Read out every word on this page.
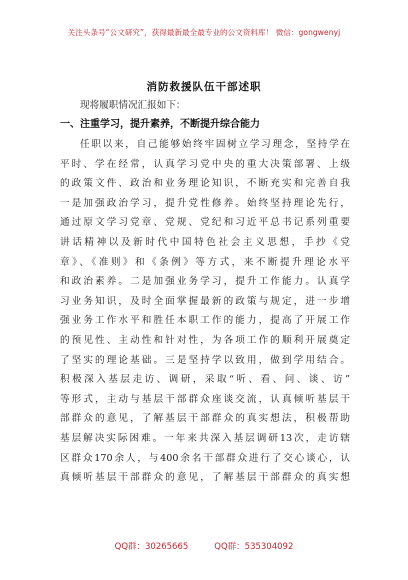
关注头条号“公文研究”，获得最新最全最专业的公文资料库！ 微信：gongwenyj
消防救援队伍干部述职
现将履职情况汇报如下：
一、注重学习，提升素养，不断提升综合能力
任职以来，自己能够始终牢固树立学习理念，坚持学在
平时、学在经常，认真学习党中央的重大决策部署、上级
的政策文件、政治和业务理论知识，不断充实和完善自我
一是加强政治学习，提升党性修养。始终坚持理论先行，
通过原文学习党章、党规、党纪和习近平总书记系列重要
讲话精神以及新时代中国特色社会主义思想，手抄《党
章》、《准则》和《条例》等方式，来不断提升理论水平
和政治素养。二是加强业务学习，提升工作能力。认真学
习业务知识，及时全面掌握最新的政策与规定，进一步增
强业务工作水平和胜任本职工作的能力，提高了开展工作
的预见性、主动性和针对性，为各项工作的顺利开展奠定
了坚实的理论基础。三是坚持学以致用，做到学用结合。
积极深入基层走访、调研，采取“听、看、问、谈、访”
等形式，主动与基层干部群众座谈交流，认真倾听基层干
部群众的意见，了解基层干部群众的真实想法，积极帮助
基层解决实际困难。一年来共深入基层调研13次，走访辖
区群众170余人，与400余名干部群众进行了交心谈心，认
真倾听基层干部群众的意见，了解基层干部群众的真实想
QQ群：30265665	QQ群：535304092
